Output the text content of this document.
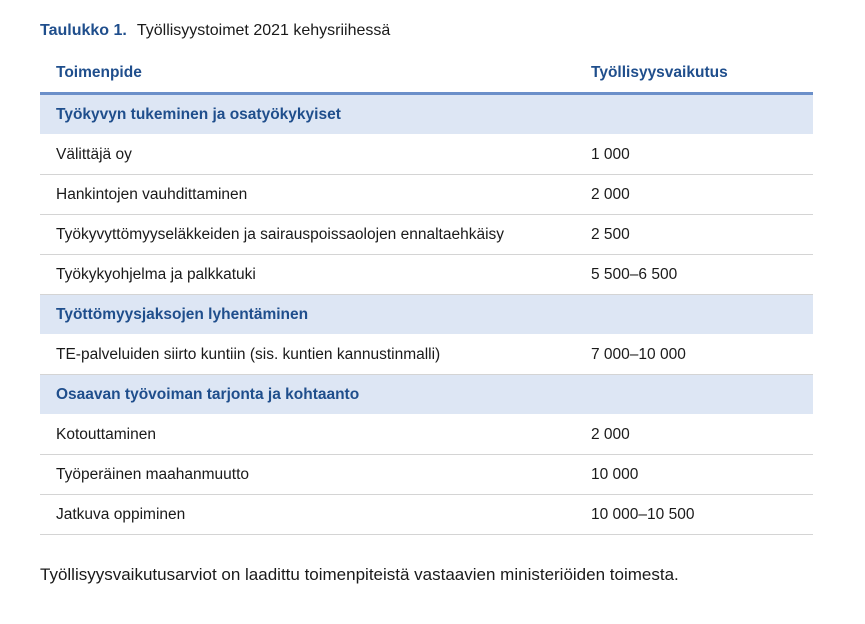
Taulukko 1. Työllisyystoimet 2021 kehysriihessä
Toimenpide	Työllisyysvaikutus
Työkyvyn tukeminen ja osatyökykyiset	
Välittäjä oy	1 000
Hankintojen vauhdittaminen	2 000
Työkyvyttömyyseläkkeiden ja sairauspoissaolojen ennaltaehkäisy	2 500
Työkykyohjelma ja palkkatuki	5 500–6 500
Työttömyysjaksojen lyhentäminen	
TE-palveluiden siirto kuntiin (sis. kuntien kannustinmalli)	7 000–10 000
Osaavan työvoiman tarjonta ja kohtaanto	
Kotouttaminen	2 000
Työperäinen maahanmuutto	10 000
Jatkuva oppiminen	10 000–10 500
Työllisyysvaikutusarviot on laadittu toimenpiteistä vastaavien ministeriöiden toimesta.
